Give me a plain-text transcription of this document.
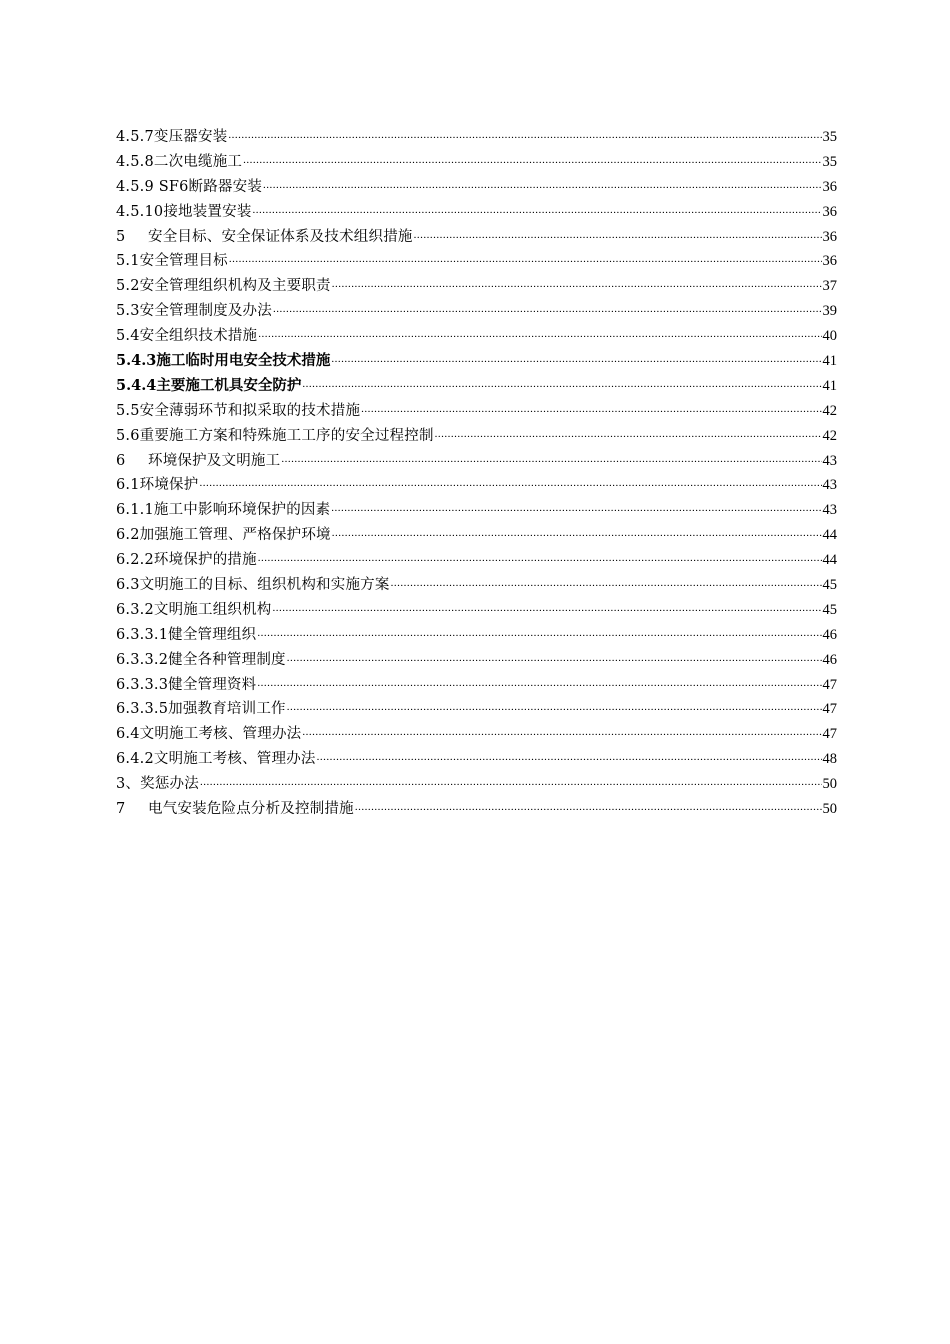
4.5.7变压器安装 .....	35
4.5.8二次电缆施工 .....	35
4.5.9 SF6断路器安装 .....	36
4.5.10接地装置安装 .....	36
5 安全目标、安全保证体系及技术组织措施 .....	36
5.1安全管理目标 .....	36
5.2安全管理组织机构及主要职责 .....	37
5.3安全管理制度及办法 .....	39
5.4安全组织技术措施 .....	40
5.4.3施工临时用电安全技术措施 .....	41
5.4.4主要施工机具安全防护 .....	41
5.5安全薄弱环节和拟采取的技术措施 .....	42
5.6重要施工方案和特殊施工工序的安全过程控制 .....	42
6 环境保护及文明施工 .....	43
6.1环境保护 .....	43
6.1.1施工中影响环境保护的因素 .....	43
6.2加强施工管理、严格保护环境 .....	44
6.2.2环境保护的措施 .....	44
6.3文明施工的目标、组织机构和实施方案 .....	45
6.3.2文明施工组织机构 .....	45
6.3.3.1健全管理组织 .....	46
6.3.3.2健全各种管理制度 .....	46
6.3.3.3健全管理资料 .....	47
6.3.3.5加强教育培训工作 .....	47
6.4文明施工考核、管理办法 .....	47
6.4.2文明施工考核、管理办法 .....	48
3、奖惩办法 .....	50
7 电气安装危险点分析及控制措施 .....	50
